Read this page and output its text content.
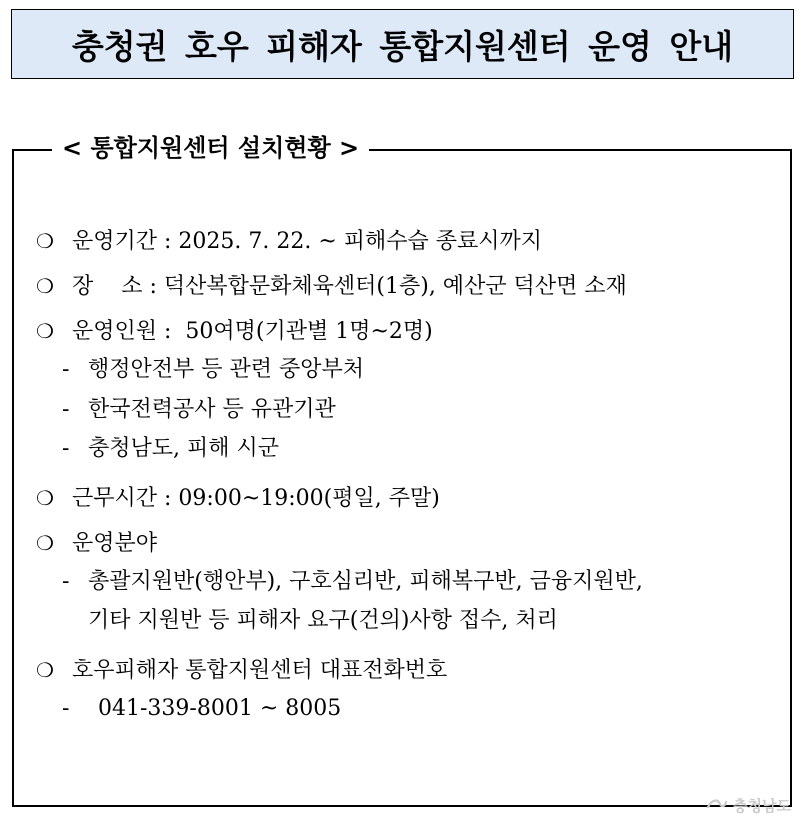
충청권 호우 피해자 통합지원센터 운영 안내
< 통합지원센터 설치현황 >
❍ 운영기간 : 2025. 7. 22. ~ 피해수습 종료시까지
❍ 장    소 : 덕산복합문화체육센터(1층), 예산군 덕산면 소재
❍ 운영인원 :  50여명(기관별 1명~2명)
- 행정안전부 등 관련 중앙부처
- 한국전력공사 등 유관기관
- 충청남도, 피해 시군
❍ 근무시간 : 09:00~19:00(평일, 주말)
❍ 운영분야
- 총괄지원반(행안부), 구호심리반, 피해복구반, 금융지원반,
기타 지원반 등 피해자 요구(건의)사항 접수, 처리
❍ 호우피해자 통합지원센터 대표전화번호
- 041-339-8001 ~ 8005
충청남도
